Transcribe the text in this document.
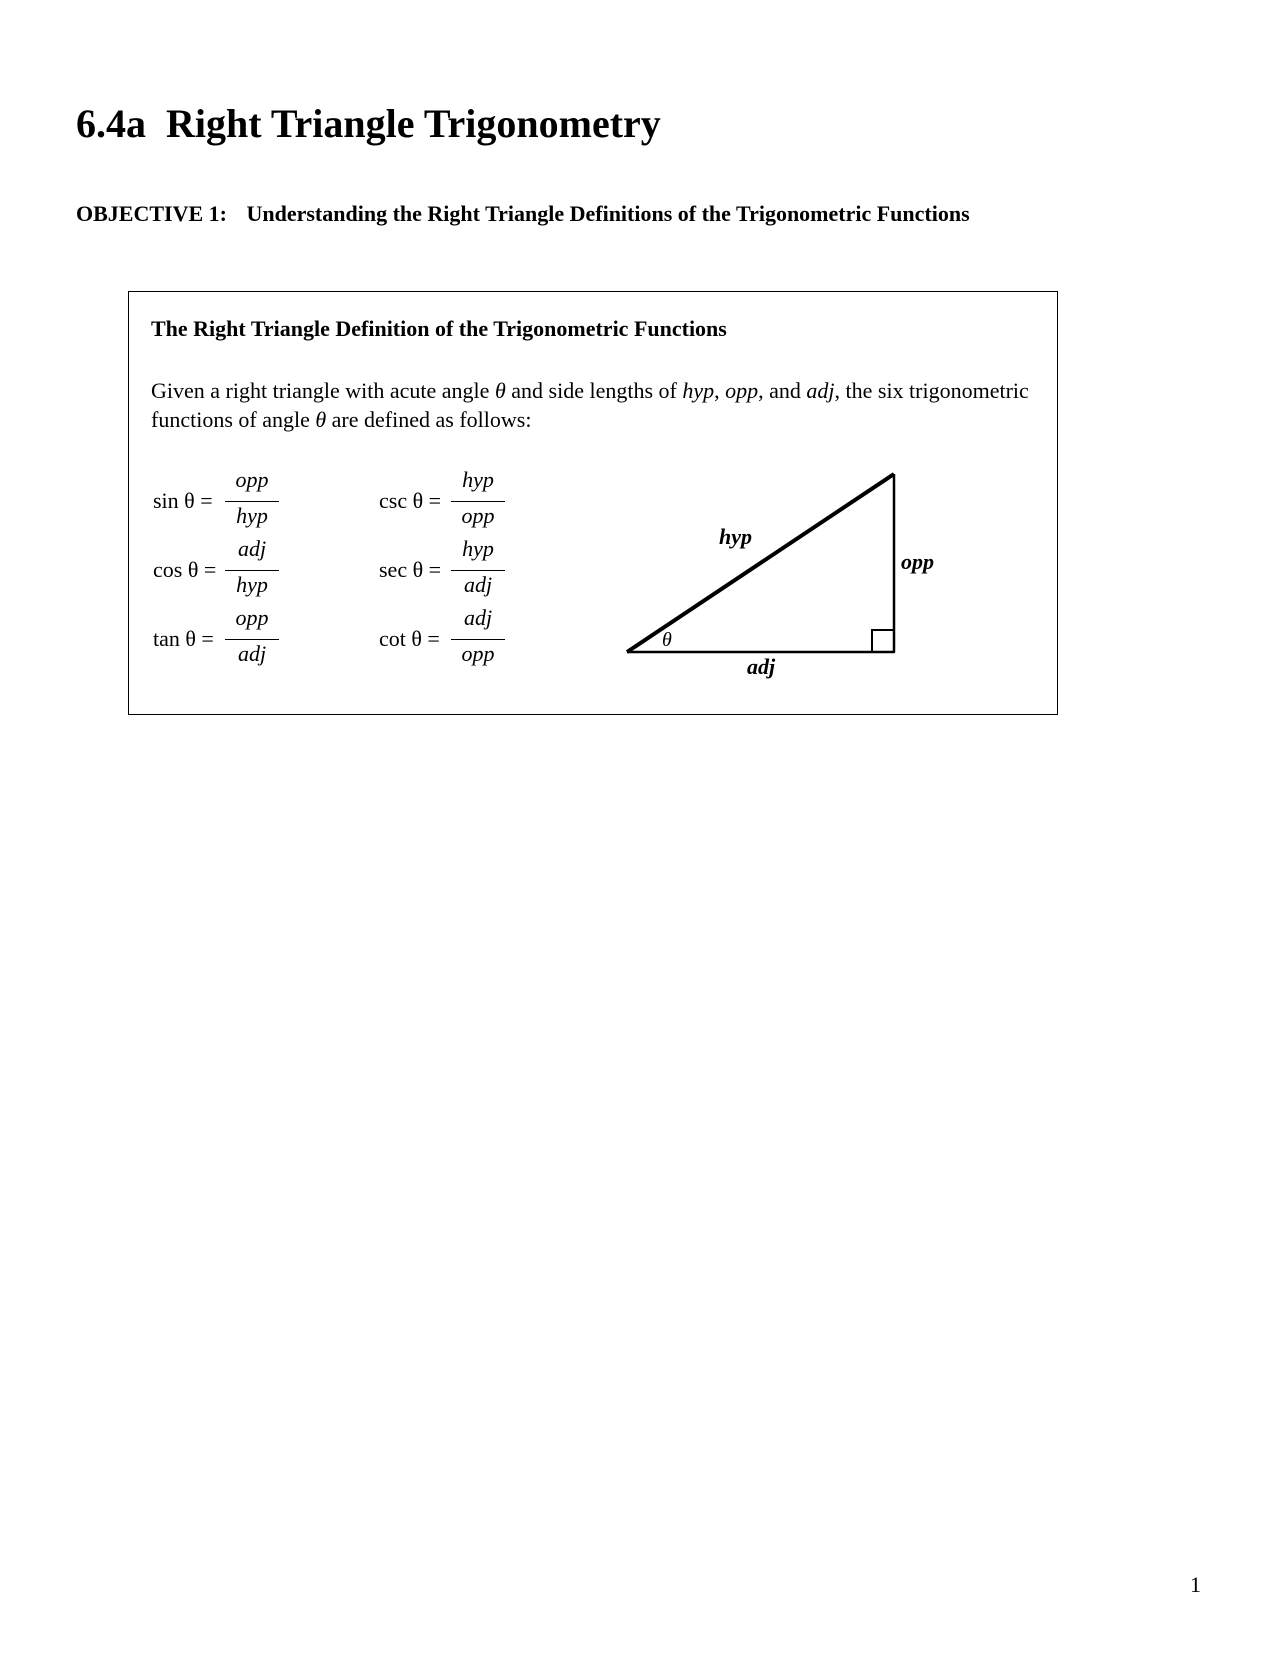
6.4a  Right Triangle Trigonometry
OBJECTIVE 1: Understanding the Right Triangle Definitions of the Trigonometric Functions
The Right Triangle Definition of the Trigonometric Functions
Given a right triangle with acute angle θ and side lengths of hyp, opp, and adj, the six trigonometric functions of angle θ are defined as follows:
sin θ =
opp
hyp
cos θ =
adj
hyp
tan θ =
opp
adj
csc θ =
hyp
opp
sec θ =
hyp
adj
cot θ =
adj
opp
hyp
opp
adj
θ
1
